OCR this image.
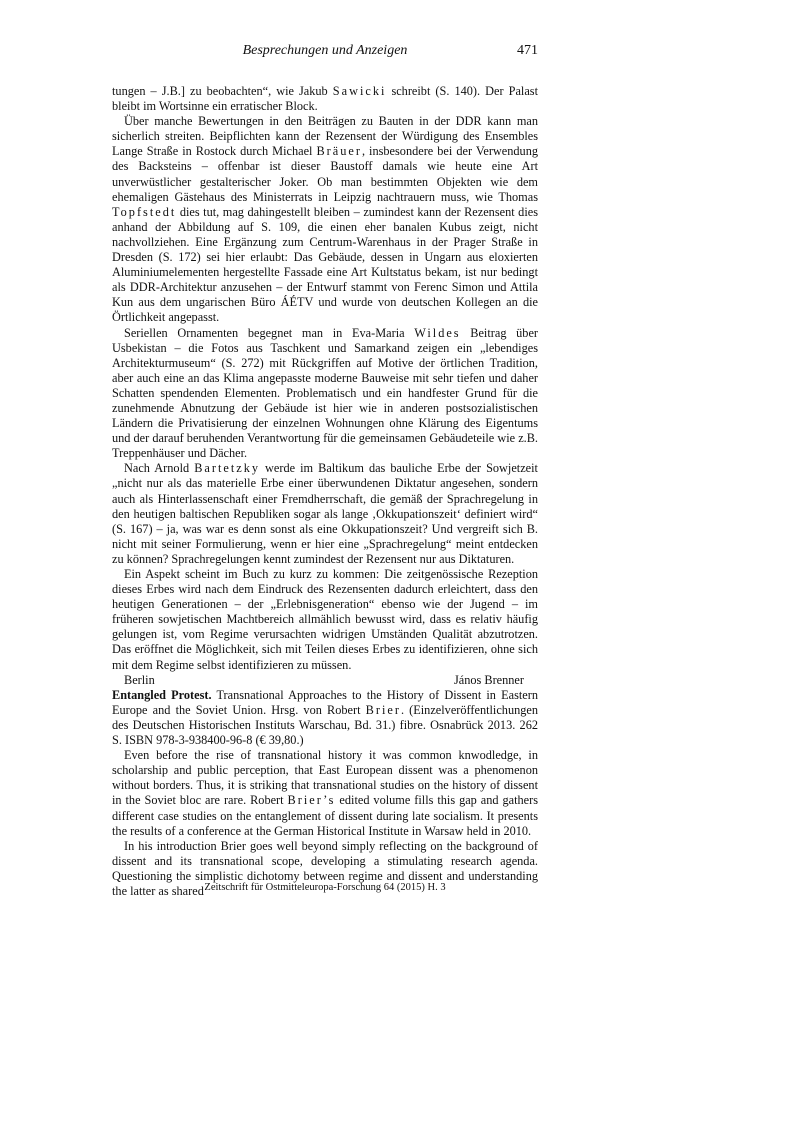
Besprechungen und Anzeigen	471

tungen – J.B.] zu beobachten“, wie Jakub Sawicki schreibt (S. 140). Der Palast bleibt im Wortsinne ein erratischer Block.

Über manche Bewertungen in den Beiträgen zu Bauten in der DDR kann man sicherlich streiten. Beipflichten kann der Rezensent der Würdigung des Ensembles Lange Straße in Rostock durch Michael Bräuer, insbesondere bei der Verwendung des Backsteins – offenbar ist dieser Baustoff damals wie heute eine Art unverwüstlicher gestalterischer Joker. Ob man bestimmten Objekten wie dem ehemaligen Gästehaus des Ministerrats in Leipzig nachtrauern muss, wie Thomas Topfstedt dies tut, mag dahingestellt bleiben – zumindest kann der Rezensent dies anhand der Abbildung auf S. 109, die einen eher banalen Kubus zeigt, nicht nachvollziehen. Eine Ergänzung zum Centrum-Warenhaus in der Prager Straße in Dresden (S. 172) sei hier erlaubt: Das Gebäude, dessen in Ungarn aus eloxierten Aluminiumelementen hergestellte Fassade eine Art Kultstatus bekam, ist nur bedingt als DDR-Architektur anzusehen – der Entwurf stammt von Ferenc Simon und Attila Kun aus dem ungarischen Büro ÁÉTV und wurde von deutschen Kollegen an die Örtlichkeit angepasst.

Seriellen Ornamenten begegnet man in Eva-Maria Wildes Beitrag über Usbekistan – die Fotos aus Taschkent und Samarkand zeigen ein „lebendiges Architekturmuseum“ (S. 272) mit Rückgriffen auf Motive der örtlichen Tradition, aber auch eine an das Klima angepasste moderne Bauweise mit sehr tiefen und daher Schatten spendenden Elementen. Problematisch und ein handfester Grund für die zunehmende Abnutzung der Gebäude ist hier wie in anderen postsozialistischen Ländern die Privatisierung der einzelnen Wohnungen ohne Klärung des Eigentums und der darauf beruhenden Verantwortung für die gemeinsamen Gebäudeteile wie z.B. Treppenhäuser und Dächer.

Nach Arnold Bartetzky werde im Baltikum das bauliche Erbe der Sowjetzeit „nicht nur als das materielle Erbe einer überwundenen Diktatur angesehen, sondern auch als Hinterlassenschaft einer Fremdherrschaft, die gemäß der Sprachregelung in den heutigen baltischen Republiken sogar als lange ‚Okkupationszeit‘ definiert wird“ (S. 167) – ja, was war es denn sonst als eine Okkupationszeit? Und vergreift sich B. nicht mit seiner Formulierung, wenn er hier eine „Sprachregelung“ meint entdecken zu können? Sprachregelungen kennt zumindest der Rezensent nur aus Diktaturen.

Ein Aspekt scheint im Buch zu kurz zu kommen: Die zeitgenössische Rezeption dieses Erbes wird nach dem Eindruck des Rezensenten dadurch erleichtert, dass den heutigen Generationen – der „Erlebnisgeneration“ ebenso wie der Jugend – im früheren sowjetischen Machtbereich allmählich bewusst wird, dass es relativ häufig gelungen ist, vom Regime verursachten widrigen Umständen Qualität abzutrotzen. Das eröffnet die Möglichkeit, sich mit Teilen dieses Erbes zu identifizieren, ohne sich mit dem Regime selbst identifizieren zu müssen.

Berlin	János Brenner

Entangled Protest. Transnational Approaches to the History of Dissent in Eastern Europe and the Soviet Union. Hrsg. von Robert Brier. (Einzelveröffentlichungen des Deutschen Historischen Instituts Warschau, Bd. 31.) fibre. Osnabrück 2013. 262 S. ISBN 978-3-938400-96-8 (€ 39,80.)

Even before the rise of transnational history it was common knwodledge, in scholarship and public perception, that East European dissent was a phenomenon without borders. Thus, it is striking that transnational studies on the history of dissent in the Soviet bloc are rare. Robert Brier’s edited volume fills this gap and gathers different case studies on the entanglement of dissent during late socialism. It presents the results of a conference at the German Historical Institute in Warsaw held in 2010.

In his introduction Brier goes well beyond simply reflecting on the background of dissent and its transnational scope, developing a stimulating research agenda. Questioning the simplistic dichotomy between regime and dissent and understanding the latter as shared Zeitschrift für Ostmitteleuropa-Forschung 64 (2015) H. 3
